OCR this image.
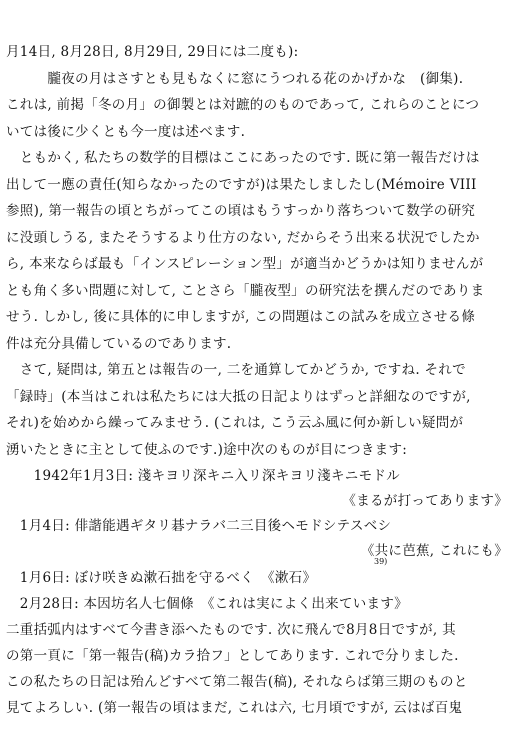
月14日, 8月28日, 8月29日, 29日には二度も):
　　　朧夜の月はさすとも見もなくに窓にうつれる花のかげかな　(御集).
これは, 前掲「冬の月」の御製とは対蹠的のものであって, これらのことにつ
いては後に少くとも今一度は述べます.
　ともかく, 私たちの数学的目標はここにあったのです. 既に第一報告だけは
出して一應の責任(知らなかったのですが)は果たしましたし(Mémoire VIII
参照), 第一報告の頃とちがってこの頃はもうすっかり落ちついて数学の研究
に没頭しうる, またそうするより仕方のない, だからそう出来る状況でしたか
ら, 本来ならば最も「インスピレーション型」が適当かどうかは知りませんが
とも角く多い問題に対して, ことさら「朧夜型」の研究法を撰んだのでありま
せう. しかし, 後に具体的に申しますが, この問題はこの試みを成立させる條
件は充分具備しているのであります.
　さて, 疑問は, 第五とは報告の一, 二を通算してかどうか, ですね. それで
「録時」(本当はこれは私たちには大抵の日記よりはずっと詳細なのですが,
それ)を始めから繰ってみませう. (これは, こう云ふ風に何か新しい疑問が
湧いたときに主として使ふのです.)途中次のものが目につきます:
　　1942年1月3日: 淺キヨリ深キニ入リ深キヨリ淺キニモドル
《まるが打ってあります》
　1月4日: 俳諧能遇ギタリ碁ナラバ二三目後ヘモドシテスベシ
《共に芭蕉, これにも》
39)
　1月6日: ぼけ咲きぬ漱石拙を守るべく　《漱石》
　2月28日: 本因坊名人七個條　《これは実によく出来ています》
二重括弧内はすべて今書き添へたものです. 次に飛んで8月8日ですが, 其
の第一頁に「第一報告(稿)カラ拾フ」としてあります. これで分りました.
この私たちの日記は殆んどすべて第二報告(稿), それならば第三期のものと
見てよろしい. (第一報告の頃はまだ, これは六, 七月頃ですが, 云はば百鬼
